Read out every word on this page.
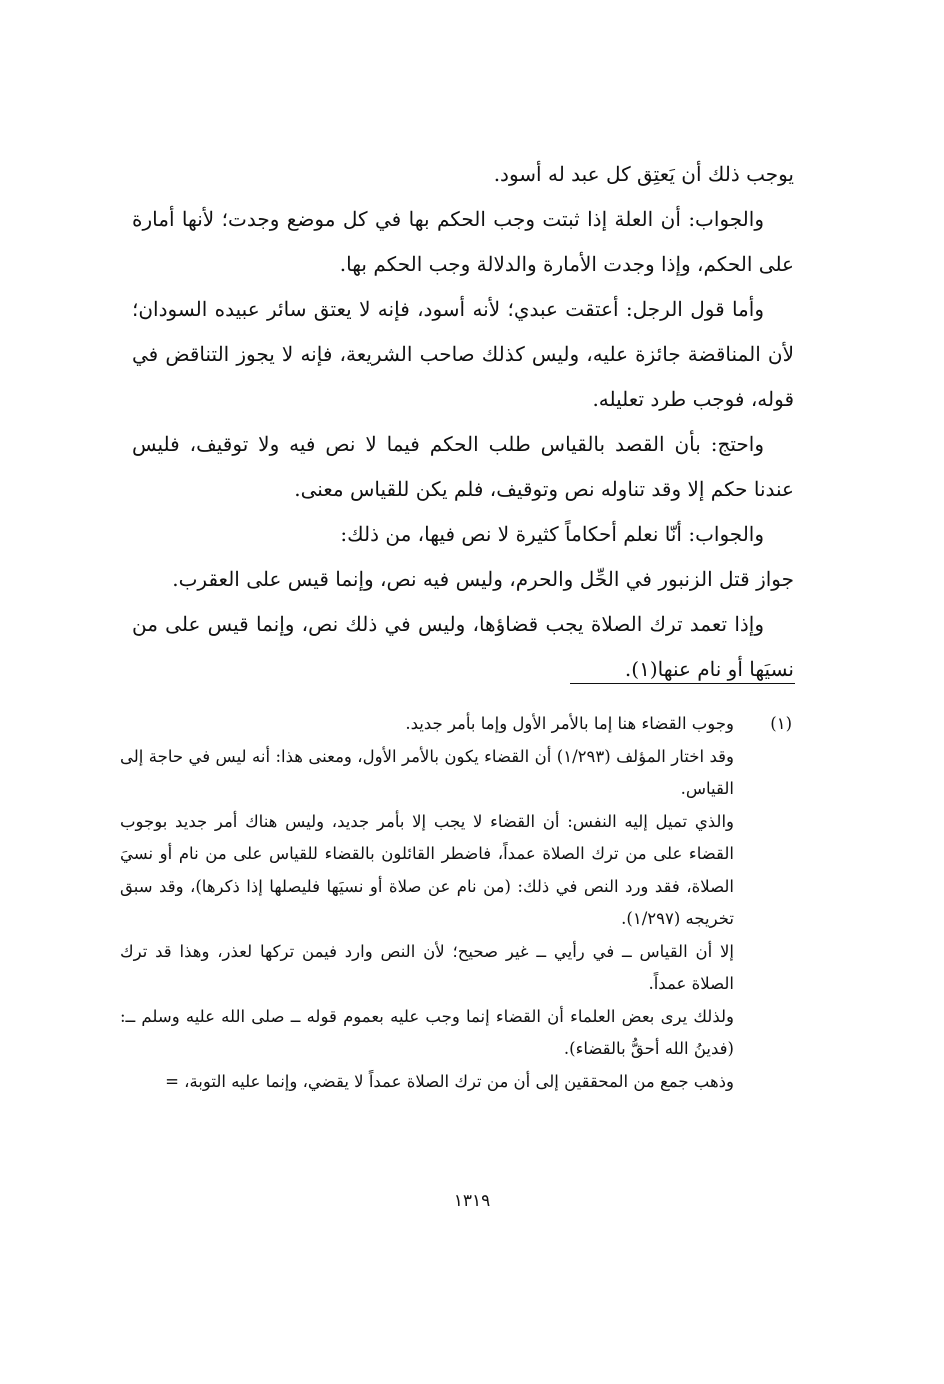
يوجب ذلك أن يَعتِق كل عبد له أسود.

والجواب: أن العلة إذا ثبتت وجب الحكم بها في كل موضع وجدت؛ لأنها أمارة على الحكم، وإذا وجدت الأمارة والدلالة وجب الحكم بها.

وأما قول الرجل: أعتقت عبدي؛ لأنه أسود، فإنه لا يعتق سائر عبيده السودان؛ لأن المناقضة جائزة عليه، وليس كذلك صاحب الشريعة، فإنه لا يجوز التناقض في قوله، فوجب طرد تعليله.

واحتج: بأن القصد بالقياس طلب الحكم فيما لا نص فيه ولا توقيف، فليس عندنا حكم إلا وقد تناوله نص وتوقيف، فلم يكن للقياس معنى.

والجواب: أنّا نعلم أحكاماً كثيرة لا نص فيها، من ذلك:

جواز قتل الزنبور في الحِّل والحرم، وليس فيه نص، وإنما قيس على العقرب.

وإذا تعمد ترك الصلاة يجب قضاؤها، وليس في ذلك نص، وإنما قيس على من نسيَها أو نام عنها(١).

(١)

وجوب القضاء هنا إما بالأمر الأول وإما بأمر جديد.

وقد اختار المؤلف (١/٢٩٣) أن القضاء يكون بالأمر الأول، ومعنى هذا: أنه ليس في حاجة إلى القياس.

والذي تميل إليه النفس: أن القضاء لا يجب إلا بأمر جديد، وليس هناك أمر جديد بوجوب القضاء على من ترك الصلاة عمداً، فاضطر القائلون بالقضاء للقياس على من نام أو نسيَ الصلاة، فقد ورد النص في ذلك: (من نام عن صلاة أو نسيَها فليصلها إذا ذكرها)، وقد سبق تخريجه (١/٢٩٧).

إلا أن القياس ــ في رأيي ــ غير صحيح؛ لأن النص وارد فيمن تركها لعذر، وهذا قد ترك الصلاة عمداً.

ولذلك يرى بعض العلماء أن القضاء إنما وجب عليه بعموم قوله ــ صلى الله عليه وسلم ــ: (فدينُ الله أحقُّ بالقضاء).

وذهب جمع من المحققين إلى أن من ترك الصلاة عمداً لا يقضي، وإنما عليه التوبة، =

١٣١٩
